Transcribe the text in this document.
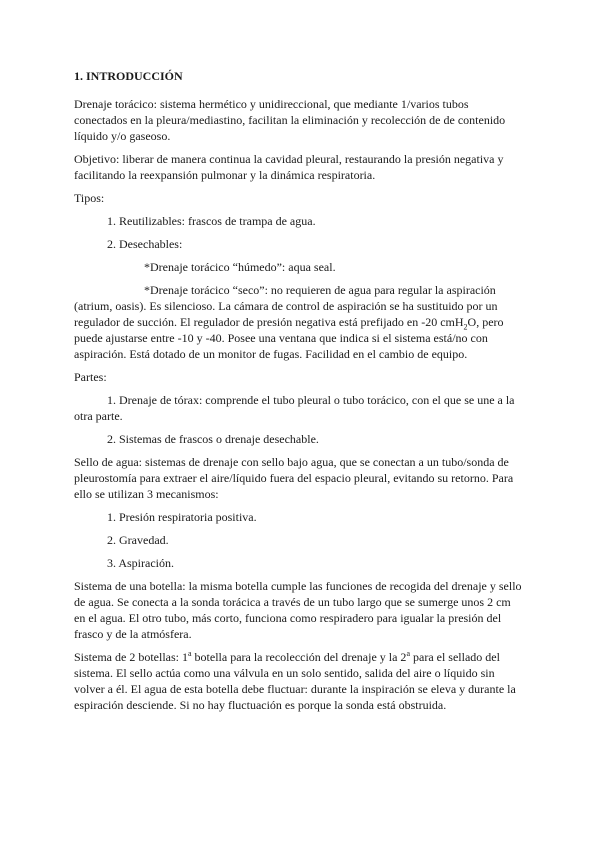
1. INTRODUCCIÓN

Drenaje torácico: sistema hermético y unidireccional, que mediante 1/varios tubos conectados en la pleura/mediastino, facilitan la eliminación y recolección de de contenido líquido y/o gaseoso.

Objetivo: liberar de manera continua la cavidad pleural, restaurando la presión negativa y facilitando la reexpansión pulmonar y la dinámica respiratoria.

Tipos:

1. Reutilizables: frascos de trampa de agua.

2. Desechables:

*Drenaje torácico “húmedo”: aqua seal.

*Drenaje torácico “seco”: no requieren de agua para regular la aspiración (atrium, oasis). Es silencioso. La cámara de control de aspiración se ha sustituido por un regulador de succión. El regulador de presión negativa está prefijado en -20 cmH$_2$O, pero puede ajustarse entre -10 y -40. Posee una ventana que indica si el sistema está/no con aspiración. Está dotado de un monitor de fugas. Facilidad en el cambio de equipo.

Partes:

1. Drenaje de tórax: comprende el tubo pleural o tubo torácico, con el que se une a la otra parte.

2. Sistemas de frascos o drenaje desechable.

Sello de agua: sistemas de drenaje con sello bajo agua, que se conectan a un tubo/sonda de pleurostomía para extraer el aire/líquido fuera del espacio pleural, evitando su retorno. Para ello se utilizan 3 mecanismos:

1. Presión respiratoria positiva.

2. Gravedad.

3. Aspiración.

Sistema de una botella: la misma botella cumple las funciones de recogida del drenaje y sello de agua. Se conecta a la sonda torácica a través de un tubo largo que se sumerge unos 2 cm en el agua. El otro tubo, más corto, funciona como respiradero para igualar la presión del frasco y de la atmósfera.

Sistema de 2 botellas: 1$^a$ botella para la recolección del drenaje y la 2$^a$ para el sellado del sistema. El sello actúa como una válvula en un solo sentido, salida del aire o líquido sin volver a él. El agua de esta botella debe fluctuar: durante la inspiración se eleva y durante la espiración desciende. Si no hay fluctuación es porque la sonda está obstruida.
